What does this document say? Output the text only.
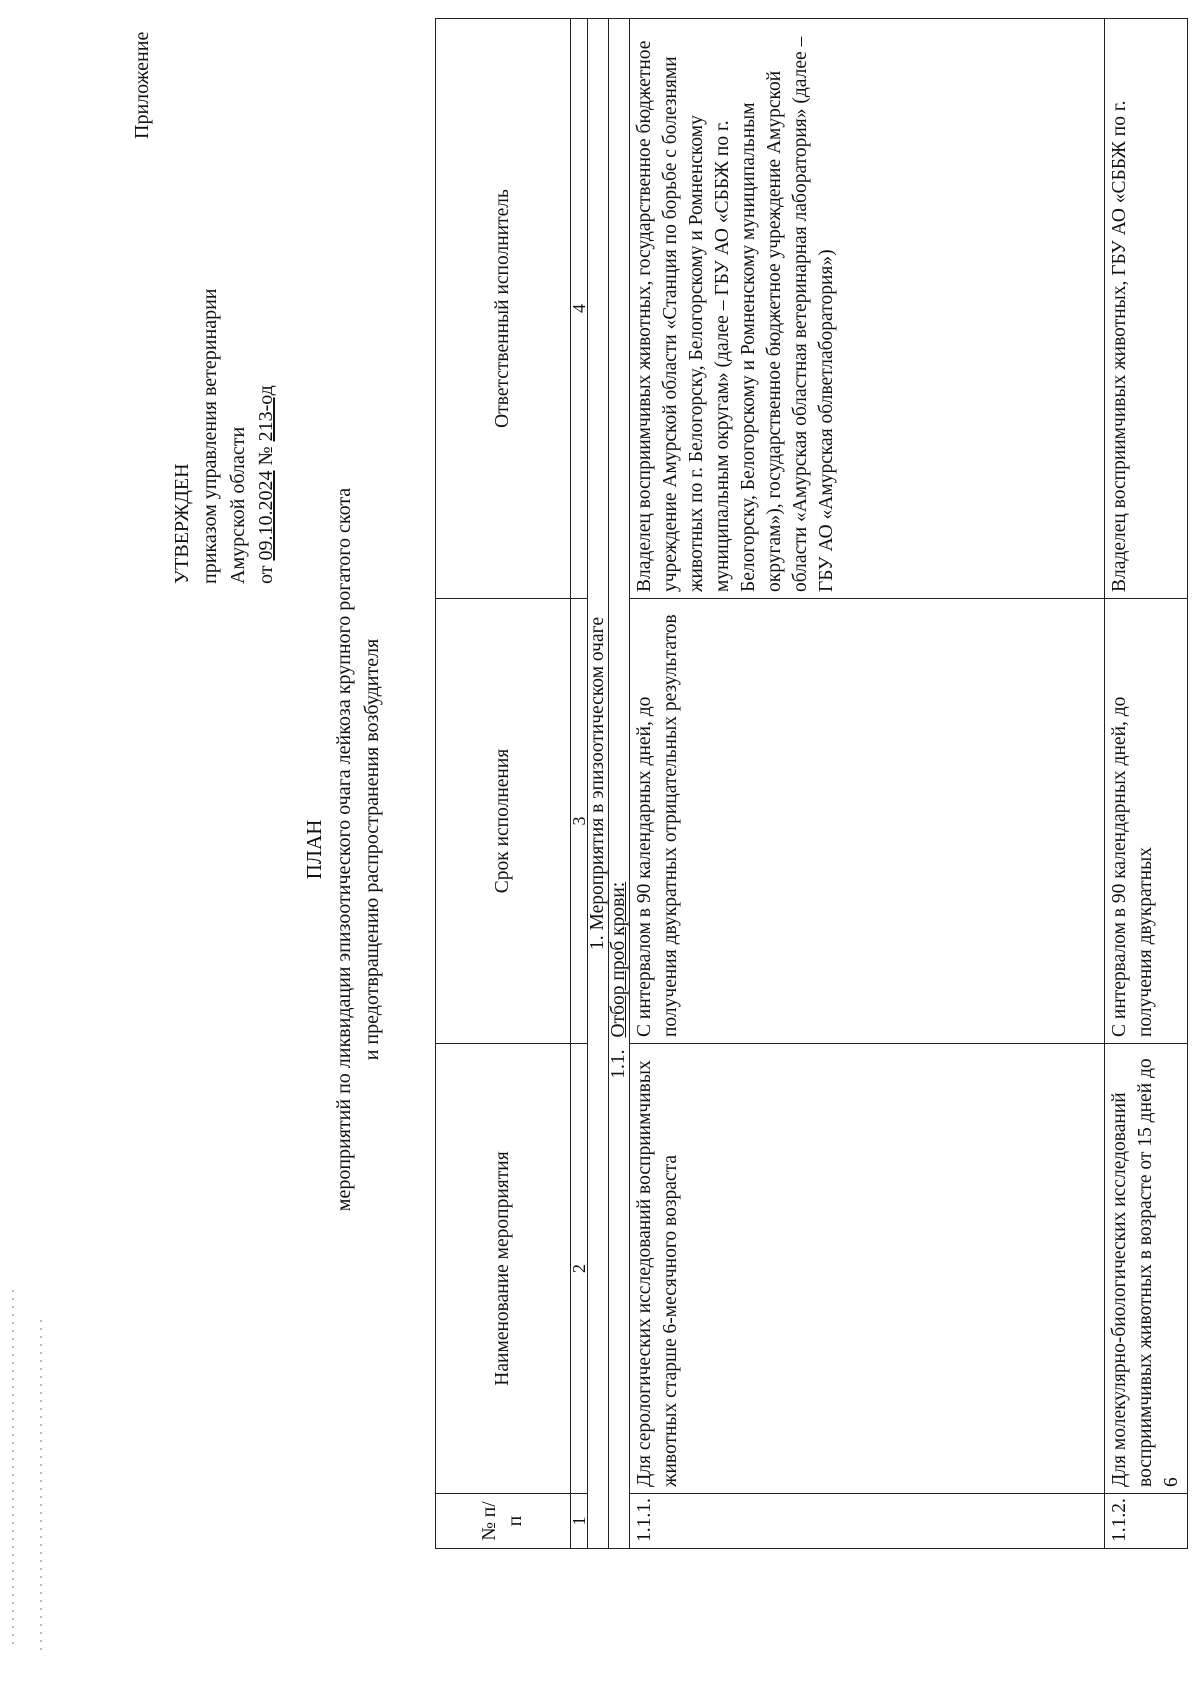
Приложение
УТВЕРЖДЕН приказом управления ветеринарии Амурской области от 09.10.2024 № 213-од
ПЛАН мероприятий по ликвидации эпизоотического очага лейкоза крупного рогатого скота и предотвращению распространения возбудителя
№ п/п	Наименование мероприятия	Срок исполнения	Ответственный исполнитель
1	2	3	4
1. Мероприятия в эпизоотическом очаге			
1.1.		Отбор проб крови:	
1.1.1.	Для серологических исследований восприимчивых животных старше 6-месячного возраста	С интервалом в 90 календарных дней, до получения двукратных отрицательных результатов	Владелец восприимчивых животных, государственное бюджетное учреждение Амурской области «Станция по борьбе с болезнями животных по г. Белогорску, Белогорскому и Ромненскому муниципальным округам» (далее – ГБУ АО «СББЖ по г. Белогорску, Белогорскому и Ромненскому муниципальным округам»), государственное бюджетное учреждение Амурской области «Амурская областная ветеринарная лаборатория» (далее – ГБУ АО «Амурская облветлаборатория»)
1.1.2.	Для молекулярно-биологических исследований восприимчивых животных в возрасте от 15 дней до 6	С интервалом в 90 календарных дней, до получения двукратных	Владелец восприимчивых животных, ГБУ АО «СББЖ по г.
